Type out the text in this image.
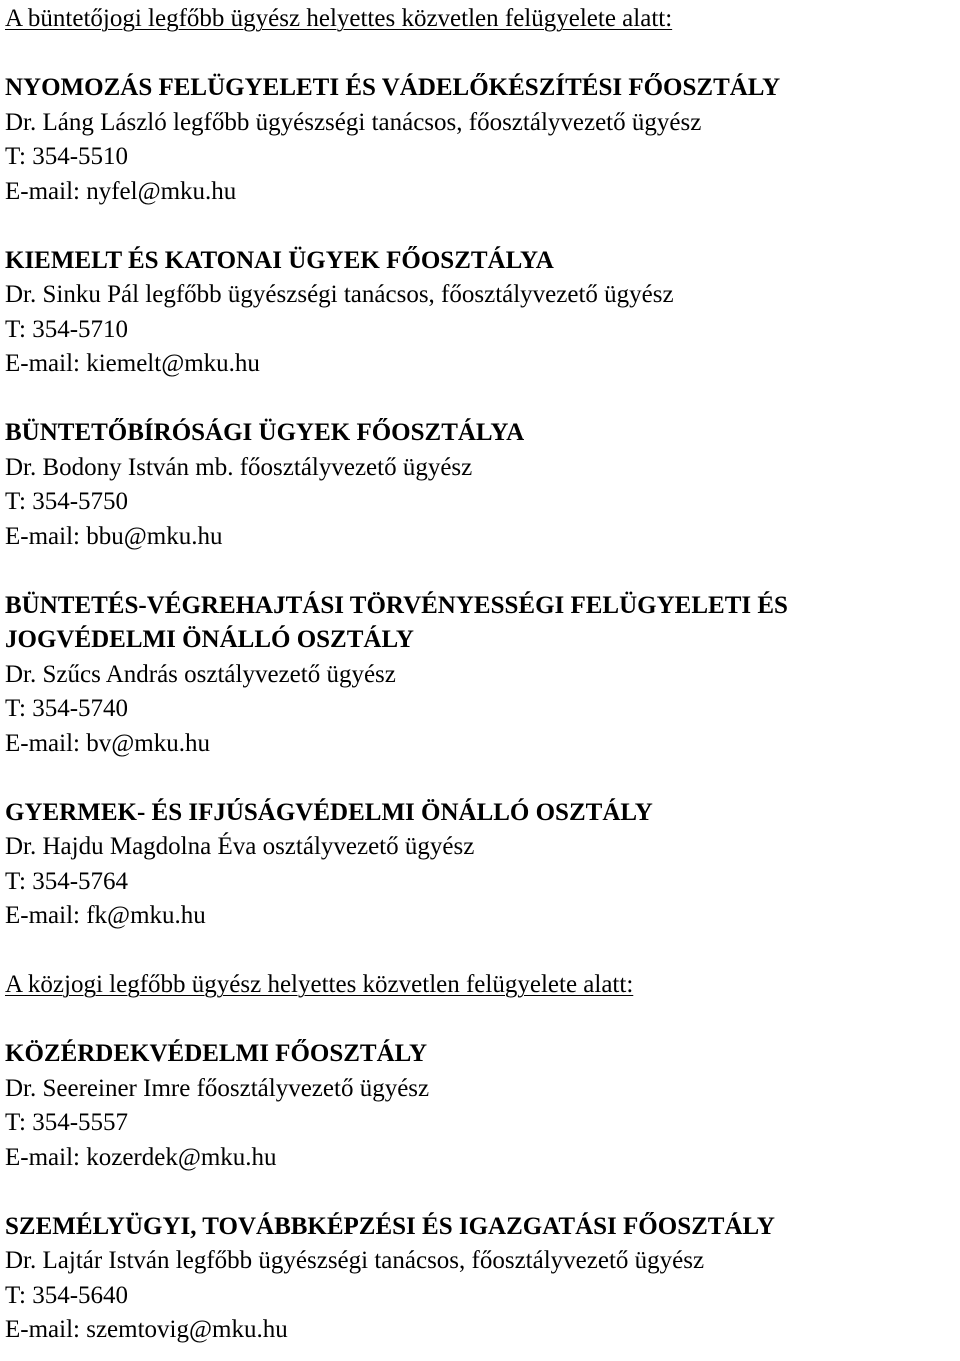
A büntetőjogi legfőbb ügyész helyettes közvetlen felügyelete alatt:
NYOMOZÁS FELÜGYELETI ÉS VÁDELŐKÉSZÍTÉSI FŐOSZTÁLY
Dr. Láng László legfőbb ügyészségi tanácsos, főosztályvezető ügyész
T: 354-5510
E-mail: nyfel@mku.hu
KIEMELT ÉS KATONAI ÜGYEK FŐOSZTÁLYA
Dr. Sinku Pál legfőbb ügyészségi tanácsos, főosztályvezető ügyész
T: 354-5710
E-mail: kiemelt@mku.hu
BÜNTETŐBÍRÓSÁGI ÜGYEK FŐOSZTÁLYA
Dr. Bodony István mb. főosztályvezető ügyész
T: 354-5750
E-mail: bbu@mku.hu
BÜNTETÉS-VÉGREHAJTÁSI TÖRVÉNYESSÉGI FELÜGYELETI ÉS
JOGVÉDELMI ÖNÁLLÓ OSZTÁLY
Dr. Szűcs András osztályvezető ügyész
T: 354-5740
E-mail: bv@mku.hu
GYERMEK- ÉS IFJÚSÁGVÉDELMI ÖNÁLLÓ OSZTÁLY
Dr. Hajdu Magdolna Éva osztályvezető ügyész
T: 354-5764
E-mail: fk@mku.hu
A közjogi legfőbb ügyész helyettes közvetlen felügyelete alatt:
KÖZÉRDEKVÉDELMI FŐOSZTÁLY
Dr. Seereiner Imre főosztályvezető ügyész
T: 354-5557
E-mail: kozerdek@mku.hu
SZEMÉLYÜGYI, TOVÁBBKÉPZÉSI ÉS IGAZGATÁSI FŐOSZTÁLY
Dr. Lajtár István legfőbb ügyészségi tanácsos, főosztályvezető ügyész
T: 354-5640
E-mail: szemtovig@mku.hu
